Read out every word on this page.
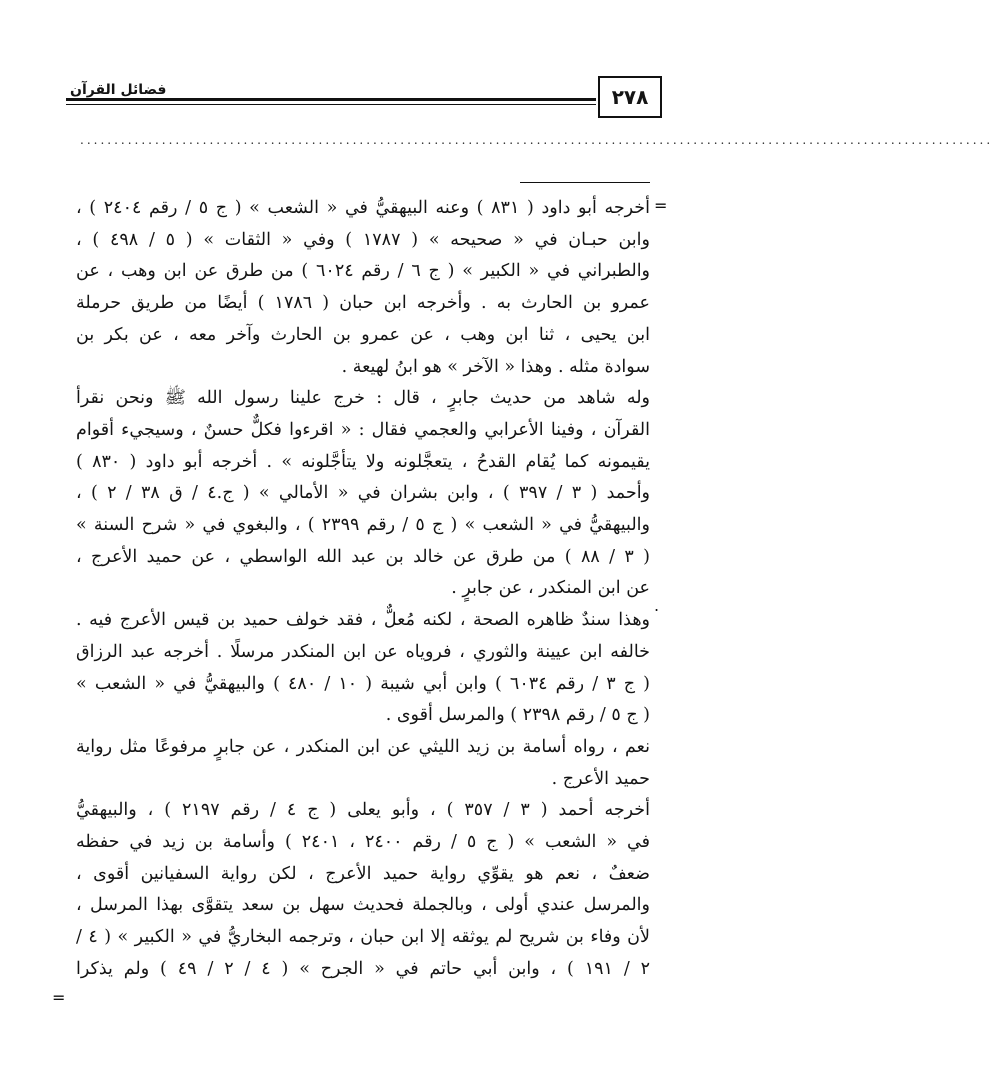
٢٧٨
فضائل القرآن
......................................................................................................................................
=
.
=
أخرجه أبو داود ( ٨٣١ ) وعنه البيهقيُّ في « الشعب » ( ج ٥ / رقم ٢٤٠٤ ) ،
وابن حبـان في « صحيحه » ( ١٧٨٧ ) وفي « الثقات » ( ٥ / ٤٩٨ ) ،
والطبراني في « الكبير » ( ج ٦ / رقم ٦٠٢٤ ) من طرق عن ابن وهب ، عن
عمرو بن الحارث به . وأخرجه ابن حبان ( ١٧٨٦ ) أيضًا من طريق حرملة
ابن يحيى ، ثنا ابن وهب ، عن عمرو بن الحارث وآخر معه ، عن بكر بن
سوادة مثله . وهذا « الآخر » هو ابنُ لهيعة .
وله شاهد من حديث جابرٍ ، قال : خرج علينا رسول الله ﷺ ونحن نقرأ
القرآن ، وفينا الأعرابي والعجمي فقال : « اقرءوا فكلٌّ حسنٌ ، وسيجيء أقوام
يقيمونه كما يُقام القدحُ ، يتعجَّلونه ولا يتأجَّلونه » . أخرجه أبو داود ( ٨٣٠ )
وأحمد ( ٣ / ٣٩٧ ) ، وابن بشران في « الأمالي » ( ج.٤ / ق ٣٨ / ٢ ) ،
والبيهقيُّ في « الشعب » ( ج ٥ / رقم ٢٣٩٩ ) ، والبغوي في « شرح السنة »
( ٣ / ٨٨ ) من طرق عن خالد بن عبد الله الواسطي ، عن حميد الأعرج ،
عن ابن المنكدر ، عن جابرٍ .
وهذا سندٌ ظاهره الصحة ، لكنه مُعلٌّ ، فقد خولف حميد بن قيس الأعرج فيه .
خالفه ابن عيينة والثوري ، فروياه عن ابن المنكدر مرسلًا . أخرجه عبد الرزاق
( ج ٣ / رقم ٦٠٣٤ ) وابن أبي شيبة ( ١٠ / ٤٨٠ ) والبيهقيُّ في « الشعب »
( ج ٥ / رقم ٢٣٩٨ ) والمرسل أقوى .
نعم ، رواه أسامة بن زيد الليثي عن ابن المنكدر ، عن جابرٍ مرفوعًا مثل رواية
حميد الأعرج .
أخرجه أحمد ( ٣ / ٣٥٧ ) ، وأبو يعلى ( ج ٤ / رقم ٢١٩٧ ) ، والبيهقيُّ
في « الشعب » ( ج ٥ / رقم ٢٤٠٠ ، ٢٤٠١ ) وأسامة بن زيد في حفظه
ضعفٌ ، نعم هو يقوِّي رواية حميد الأعرج ، لكن رواية السفيانين أقوى ،
والمرسل عندي أولى ، وبالجملة فحديث سهل بن سعد يتقوَّى بهذا المرسل ،
لأن وفاء بن شريح لم يوثقه إلا ابن حبان ، وترجمه البخاريُّ في « الكبير » ( ٤ /
٢ / ١٩١ ) ، وابن أبي حاتم في « الجرح » ( ٤ / ٢ / ٤٩ ) ولم يذكرا
